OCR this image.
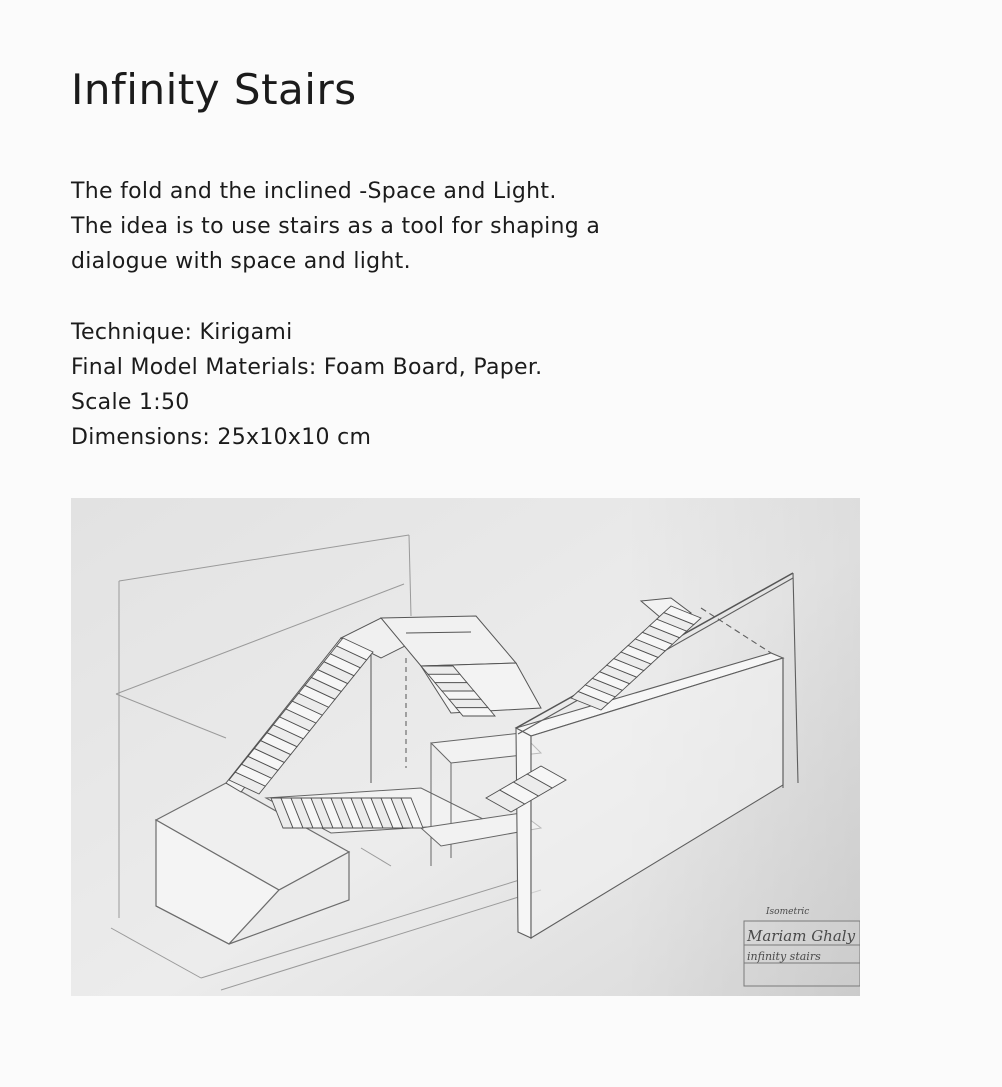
Infinity Stairs
The fold and the inclined -Space and Light.
The idea is to use stairs as a tool for shaping a
dialogue with space and light.
Technique: Kirigami
Final Model Materials: Foam Board, Paper.
Scale 1:50
Dimensions: 25x10x10 cm
Isometric
Mariam Ghaly
infinity stairs
